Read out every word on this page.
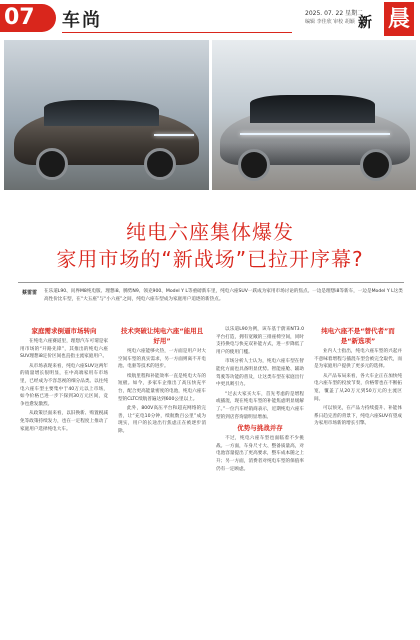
07	车尚	2025. 07. 22 星期二
编辑 李佳欣 审校 胡颖 新 晨
纯电六座集体爆发
家用市场的“新战场”已拉开序幕?
蔡雷雷 在乐道L90、问界M8纯电版、理想i8、腾势N9、领克900、Model Y L等重磅新车里，纯电六座SUV一跃成为家用市场讨论的焦点。一边是理想i8等新车，一边是Model Y L这类高性价比车型，在“大五座”与“小六座”之间，纯电六座车型成为家庭用户追逐的新热点。

家庭需求倒逼市场转向

在纯电六座赛道里，理想汽车可谓是家用市场的“开路先锋”，其推出的纯电六座SUV理想i8定价区间也直指主流家庭用户。

从市场表现来看，纯电六座SUV这两年的销量增长很明显，在中高端家用车市场里，已经成为不容忽视的细分品类。以往纯电六座车型主要集中于40万元以上市场，如今价格已进一步下探到30万元区间，竞争也愈发激烈。

从政策层面来看，以旧换新、购置税减免等政策持续发力，也在一定程度上推动了家庭用户选择纯电大车。

技术突破让纯电六座“能用且好用”

纯电六座能够火热，一方面是用户对大空间车型的真实需求，另一方面则离不开电池、电驱等技术的进步。

续航里程和补能效率一直是纯电大车的短板。如今，多家车企推出了高压快充平台，配合更高能量密度的电池，纯电六座车型的CLTC续航普遍达到600公里以上。

此外，800V高压平台和超充网络的完善，让“充电10分钟，续航数百公里”成为现实，用户的长途出行焦虑正在被逐步消除。

以乐道L90为例，该车基于蔚来NT3.0平台打造，拥有宽敞的三排座椅空间，同时支持换电与快充双补能方式，进一步降低了用户的使用门槛。

市场分析人士认为，纯电六座车型在智能化方面也具备明显优势。智能座舱、辅助驾驶等功能的普及，让这类车型在家庭出行中更具吸引力。

“过去大家买大车，首先考虑的是增程或插混，现在纯电车型的补能焦虑明显缓解了。”一位汽车经销商表示，近期纯电六座车型的到店咨询量明显增加。

优势与挑战并存

不过，纯电六座车型也面临着不少挑战。一方面，车身尺寸大、整备质量高，对电池容量提出了更高要求，整车成本随之上升；另一方面，消费者对纯电车型的保值率仍有一定顾虑。

纯电六座不是“替代者”而是“新选项”

业内人士指出，纯电六座车型的兴起并不意味着增程与插混车型会被完全取代，而是为家庭用户提供了更多元的选择。

从产品布局来看，各大车企正在加快纯电六座车型的投放节奏，价格带也在不断拓宽，覆盖了从20万元到50万元的主流区间。

可以预见，在产品力持续提升、补能体系日趋完善的背景下，纯电六座SUV有望成为家用市场新的增长引擎。
